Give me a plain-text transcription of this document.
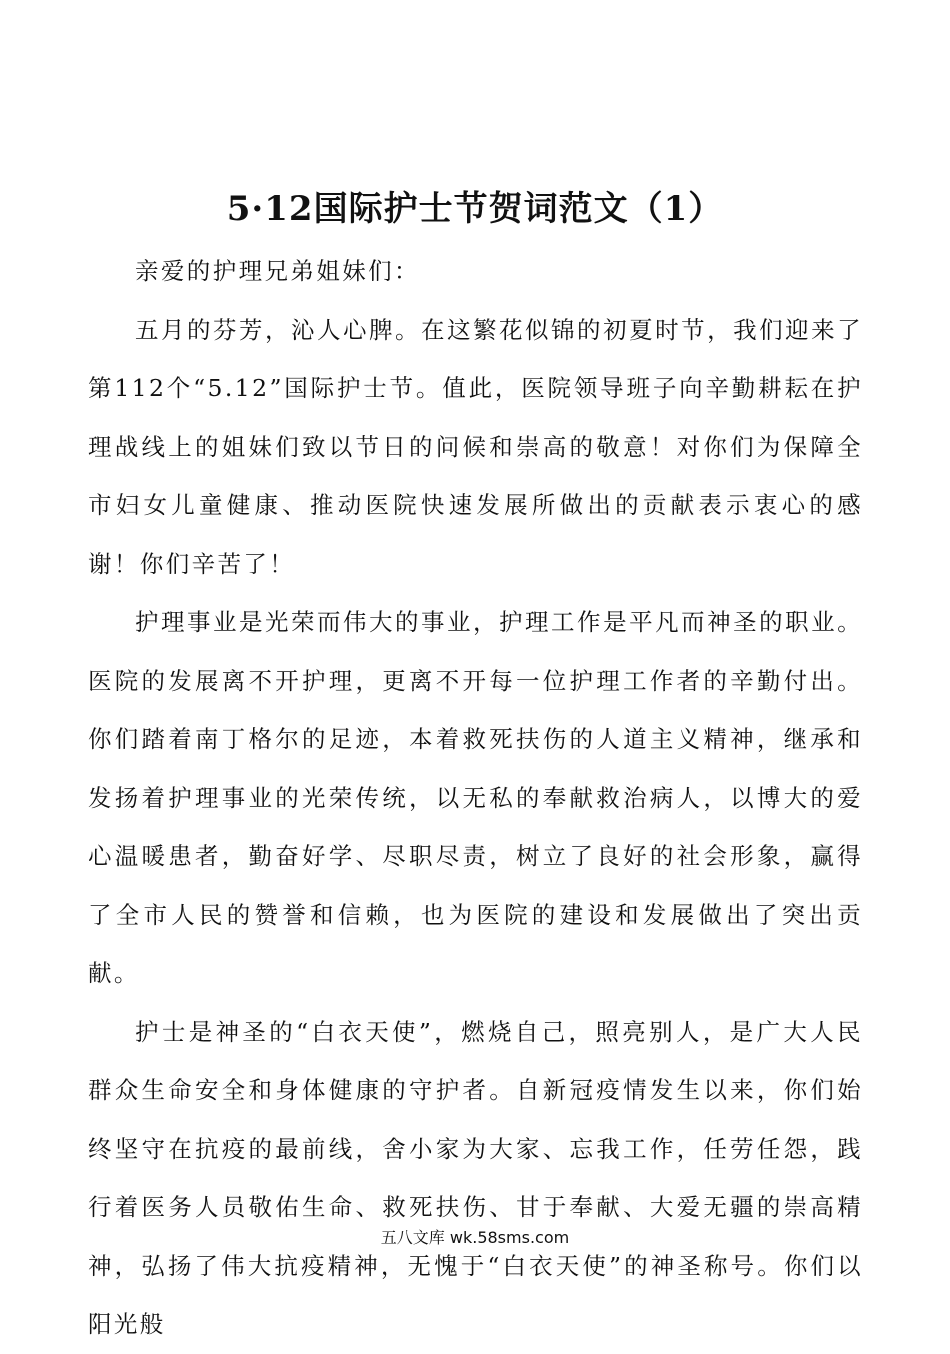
5·12国际护士节贺词范文（1）

亲爱的护理兄弟姐妹们：

五月的芬芳，沁人心脾。在这繁花似锦的初夏时节，我们迎来了第112个“5.12”国际护士节。值此，医院领导班子向辛勤耕耘在护理战线上的姐妹们致以节日的问候和崇高的敬意！对你们为保障全市妇女儿童健康、推动医院快速发展所做出的贡献表示衷心的感谢！你们辛苦了！

护理事业是光荣而伟大的事业，护理工作是平凡而神圣的职业。医院的发展离不开护理，更离不开每一位护理工作者的辛勤付出。你们踏着南丁格尔的足迹，本着救死扶伤的人道主义精神，继承和发扬着护理事业的光荣传统，以无私的奉献救治病人，以博大的爱心温暖患者，勤奋好学、尽职尽责，树立了良好的社会形象，赢得了全市人民的赞誉和信赖，也为医院的建设和发展做出了突出贡献。

护士是神圣的“白衣天使”，燃烧自己，照亮别人，是广大人民群众生命安全和身体健康的守护者。自新冠疫情发生以来，你们始终坚守在抗疫的最前线，舍小家为大家、忘我工作，任劳任怨，践行着医务人员敬佑生命、救死扶伤、甘于奉献、大爱无疆的崇高精神，弘扬了伟大抗疫精神，无愧于“白衣天使”的神圣称号。你们以阳光般

五八文库 wk.58sms.com
